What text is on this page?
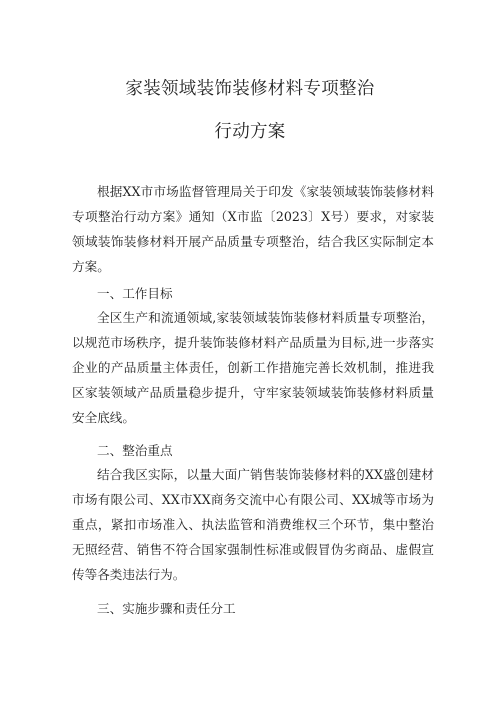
家装领域装饰装修材料专项整治
行动方案

根据XX市市场监督管理局关于印发《家装领域装饰装修材料专项整治行动方案》通知（X市监〔2023〕X号）要求，对家装领域装饰装修材料开展产品质量专项整治，结合我区实际制定本方案。

一、工作目标

全区生产和流通领域,家装领域装饰装修材料质量专项整治，以规范市场秩序，提升装饰装修材料产品质量为目标,进一步落实企业的产品质量主体责任，创新工作措施完善长效机制，推进我区家装领域产品质量稳步提升，守牢家装领域装饰装修材料质量安全底线。

二、整治重点

结合我区实际，以量大面广销售装饰装修材料的XX盛创建材市场有限公司、XX市XX商务交流中心有限公司、XX城等市场为重点，紧扣市场准入、执法监管和消费维权三个环节，集中整治无照经营、销售不符合国家强制性标准或假冒伪劣商品、虚假宣传等各类违法行为。

三、实施步骤和责任分工
